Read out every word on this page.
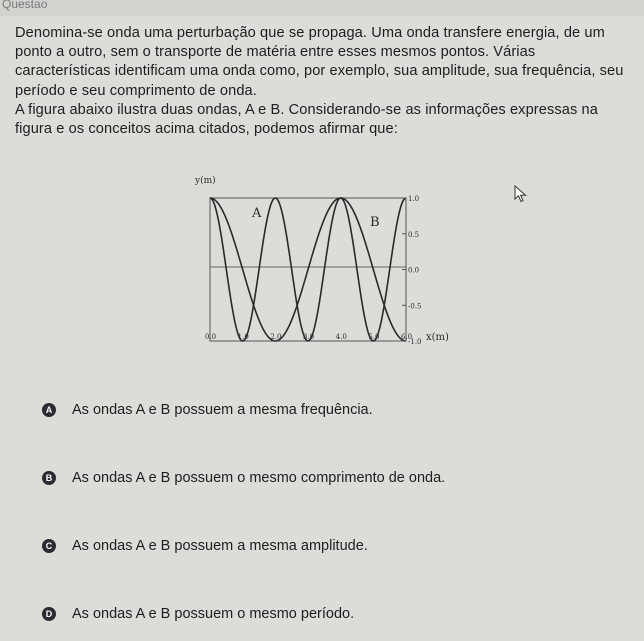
Questao

Denomina-se onda uma perturbação que se propaga. Uma onda transfere energia, de um ponto a outro, sem o transporte de matéria entre esses mesmos pontos. Várias características identificam uma onda como, por exemplo, sua amplitude, sua frequência, seu período e seu comprimento de onda.

A figura abaixo ilustra duas ondas, A e B. Considerando-se as informações expressas na figura e os conceitos acima citados, podemos afirmar que:

y(m)
A
B
x(m)
0.0	1.0	2.0	3.0	4.0	5.0	6.0
1.0
0.5
0.0
-0.5
-1.0
A As ondas A e B possuem a mesma frequência.
B As ondas A e B possuem o mesmo comprimento de onda.
C As ondas A e B possuem a mesma amplitude.
D As ondas A e B possuem o mesmo período.
